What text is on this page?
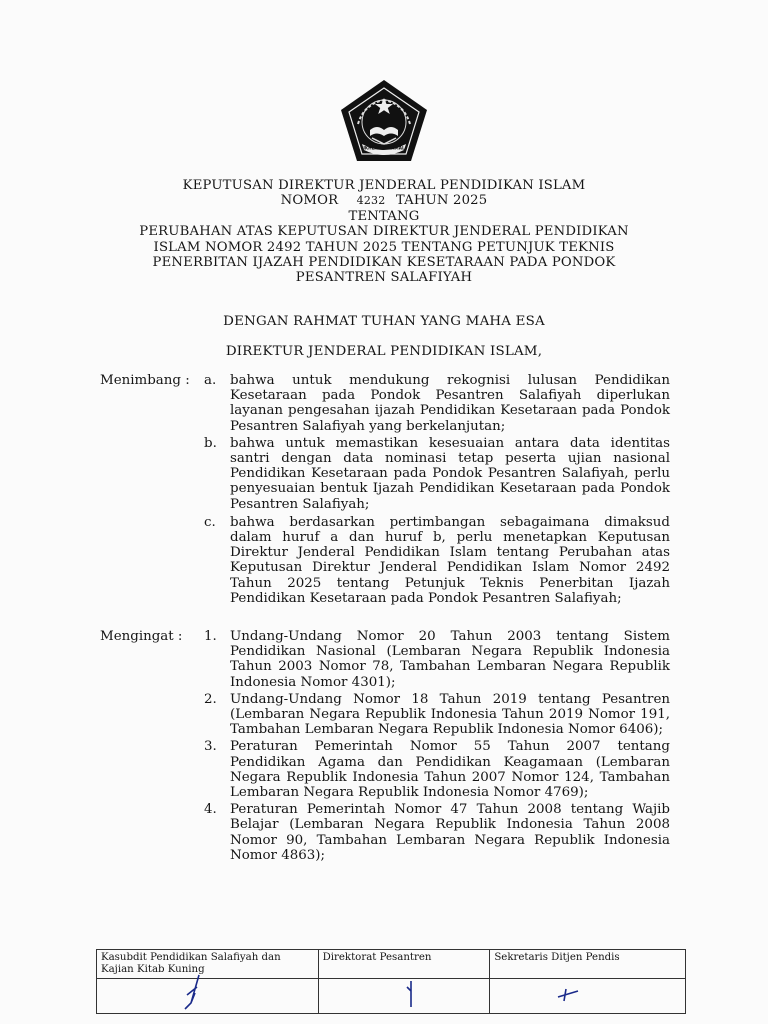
IKHLAS BERAMAL
KEPUTUSAN DIREKTUR JENDERAL PENDIDIKAN ISLAM
NOMOR 4232 TAHUN 2025
TENTANG
PERUBAHAN ATAS KEPUTUSAN DIREKTUR JENDERAL PENDIDIKAN
ISLAM NOMOR 2492 TAHUN 2025 TENTANG PETUNJUK TEKNIS
PENERBITAN IJAZAH PENDIDIKAN KESETARAAN PADA PONDOK
PESANTREN SALAFIYAH
DENGAN RAHMAT TUHAN YANG MAHA ESA
DIREKTUR JENDERAL PENDIDIKAN ISLAM,
Menimbang : a. bahwa untuk mendukung rekognisi lulusan Pendidikan Kesetaraan pada Pondok Pesantren Salafiyah diperlukan layanan pengesahan ijazah Pendidikan Kesetaraan pada Pondok Pesantren Salafiyah yang berkelanjutan;
b. bahwa untuk memastikan kesesuaian antara data identitas santri dengan data nominasi tetap peserta ujian nasional Pendidikan Kesetaraan pada Pondok Pesantren Salafiyah, perlu penyesuaian bentuk Ijazah Pendidikan Kesetaraan pada Pondok Pesantren Salafiyah;
c. bahwa berdasarkan pertimbangan sebagaimana dimaksud dalam huruf a dan huruf b, perlu menetapkan Keputusan Direktur Jenderal Pendidikan Islam tentang Perubahan atas Keputusan Direktur Jenderal Pendidikan Islam Nomor 2492 Tahun 2025 tentang Petunjuk Teknis Penerbitan Ijazah Pendidikan Kesetaraan pada Pondok Pesantren Salafiyah;
Mengingat : 1. Undang-Undang Nomor 20 Tahun 2003 tentang Sistem Pendidikan Nasional (Lembaran Negara Republik Indonesia Tahun 2003 Nomor 78, Tambahan Lembaran Negara Republik Indonesia Nomor 4301);
2. Undang-Undang Nomor 18 Tahun 2019 tentang Pesantren (Lembaran Negara Republik Indonesia Tahun 2019 Nomor 191, Tambahan Lembaran Negara Republik Indonesia Nomor 6406);
3. Peraturan Pemerintah Nomor 55 Tahun 2007 tentang Pendidikan Agama dan Pendidikan Keagamaan (Lembaran Negara Republik Indonesia Tahun 2007 Nomor 124, Tambahan Lembaran Negara Republik Indonesia Nomor 4769);
4. Peraturan Pemerintah Nomor 47 Tahun 2008 tentang Wajib Belajar (Lembaran Negara Republik Indonesia Tahun 2008 Nomor 90, Tambahan Lembaran Negara Republik Indonesia Nomor 4863);
Kasubdit Pendidikan Salafiyah dan Kajian Kitab Kuning	Direktorat Pesantren	Sekretaris Ditjen Pendis
